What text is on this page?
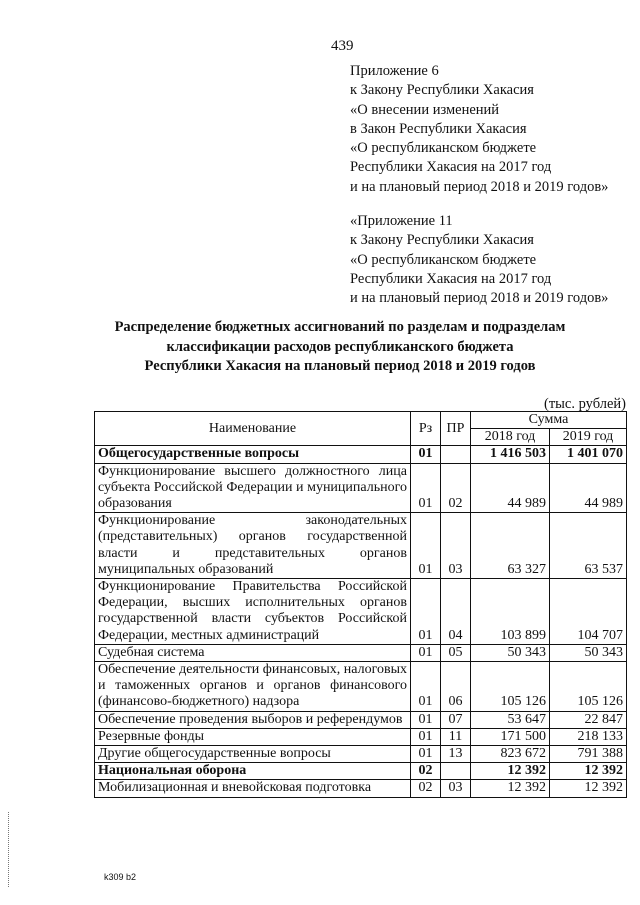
439
Приложение 6
к Закону Республики Хакасия
«О внесении изменений
в Закон Республики Хакасия
«О республиканском бюджете
Республики Хакасия на 2017 год
и на плановый период 2018 и 2019 годов»
«Приложение 11
к Закону Республики Хакасия
«О республиканском бюджете
Республики Хакасия на 2017 год
и на плановый период 2018 и 2019 годов»
Распределение бюджетных ассигнований по разделам и подразделам
классификации расходов республиканского бюджета
Республики Хакасия на плановый период 2018 и 2019 годов
(тыс. рублей)
Наименование	Рз	ПР	Сумма	
			2018 год	2019 год
Общегосударственные вопросы	01		1 416 503	1 401 070
Функционирование высшего должностного лица субъекта Российской Федерации и муниципального образования	01	02	44 989	44 989
Функционирование законодательных (представительных) органов государственной власти и представительных органов муниципальных образований	01	03	63 327	63 537
Функционирование Правительства Российской Федерации, высших исполнительных органов государственной власти субъектов Российской Федерации, местных администраций	01	04	103 899	104 707
Судебная система	01	05	50 343	50 343
Обеспечение деятельности финансовых, налоговых и таможенных органов и органов финансового (финансово-бюджетного) надзора	01	06	105 126	105 126
Обеспечение проведения выборов и референдумов	01	07	53 647	22 847
Резервные фонды	01	11	171 500	218 133
Другие общегосударственные вопросы	01	13	823 672	791 388
Национальная оборона	02		12 392	12 392
Мобилизационная и вневойсковая подготовка	02	03	12 392	12 392
k309 b2
